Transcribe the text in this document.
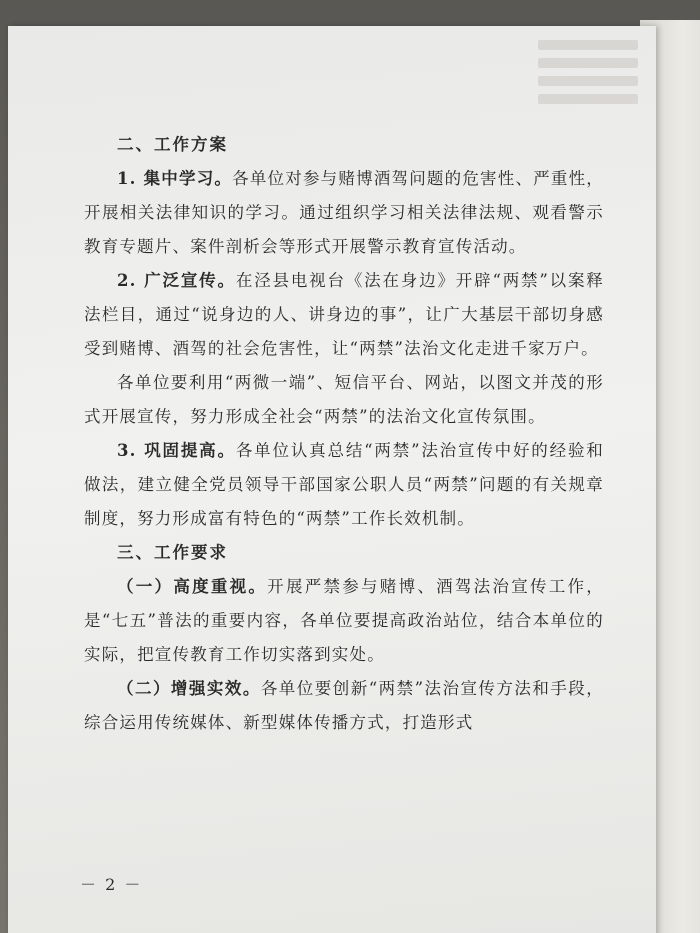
二、工作方案

1. 集中学习。各单位对参与赌博酒驾问题的危害性、严重性，开展相关法律知识的学习。通过组织学习相关法律法规、观看警示教育专题片、案件剖析会等形式开展警示教育宣传活动。

2. 广泛宣传。在泾县电视台《法在身边》开辟“两禁”以案释法栏目，通过“说身边的人、讲身边的事”，让广大基层干部切身感受到赌博、酒驾的社会危害性，让“两禁”法治文化走进千家万户。

各单位要利用“两微一端”、短信平台、网站，以图文并茂的形式开展宣传，努力形成全社会“两禁”的法治文化宣传氛围。

3. 巩固提高。各单位认真总结“两禁”法治宣传中好的经验和做法，建立健全党员领导干部国家公职人员“两禁”问题的有关规章制度，努力形成富有特色的“两禁”工作长效机制。

三、工作要求

（一）高度重视。开展严禁参与赌博、酒驾法治宣传工作，是“七五”普法的重要内容，各单位要提高政治站位，结合本单位的实际，把宣传教育工作切实落到实处。

（二）增强实效。各单位要创新“两禁”法治宣传方法和手段，综合运用传统媒体、新型媒体传播方式，打造形式

－ 2 －
